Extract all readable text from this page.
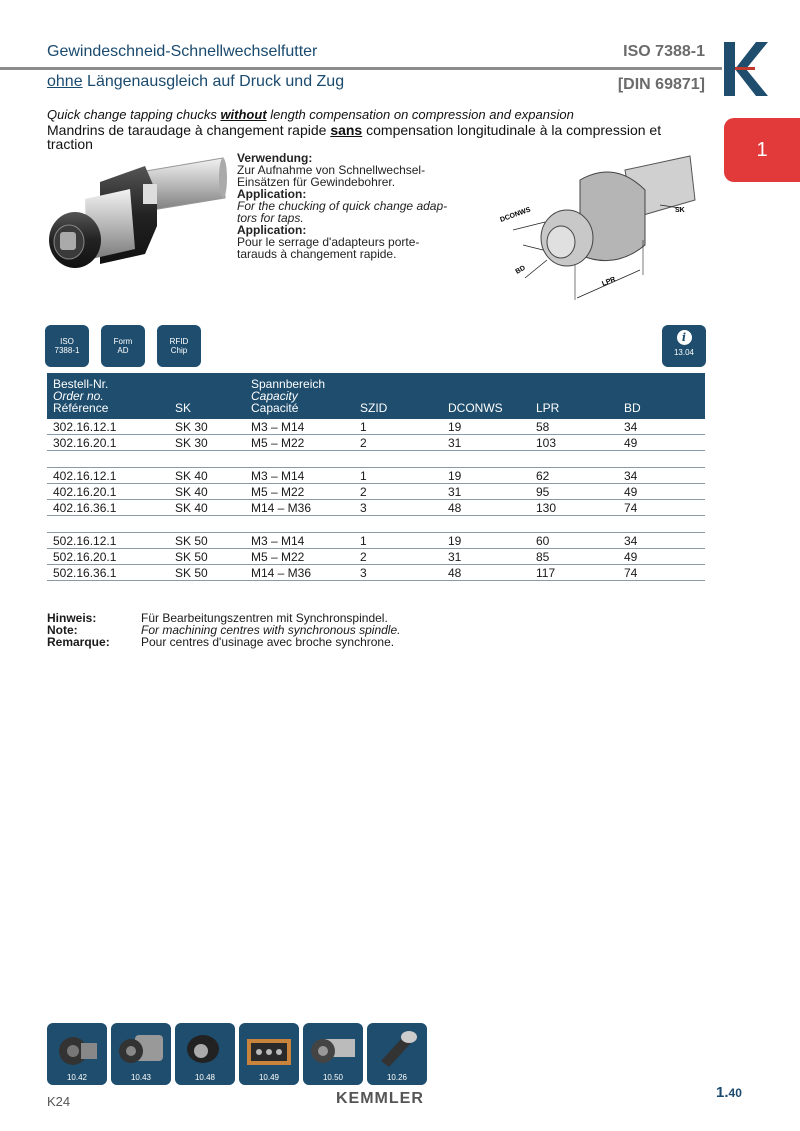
Gewindeschneid-Schnellwechselfutter	ISO 7388-1
ohne Längenausgleich auf Druck und Zug	[DIN 69871]
K
1
Quick change tapping chucks without length compensation on compression and expansion
Mandrins de taraudage à changement rapide sans compensation longitudinale à la compression et traction
Verwendung:
Zur Aufnahme von Schnellwechsel-
Einsätzen für Gewindebohrer.
Application:
For the chucking of quick change adap-
tors for taps.
Application:
Pour le serrage d'adapteurs porte-
tarauds à changement rapide.
DCONWS
BD
LPR
SK
ISO
7388-1
Form
AD
RFID
Chip
i
13.04
Bestell-Nr.
Order no.
Référence	SK
Spannbereich
Capacity
Capacité	SZID	DCONWS	LPR	BD
302.16.12.1	SK 30	M3 – M14	1	19	58	34
302.16.20.1	SK 30	M5 – M22	2	31	103	49
402.16.12.1	SK 40	M3 – M14	1	19	62	34
402.16.20.1	SK 40	M5 – M22	2	31	95	49
402.16.36.1	SK 40	M14 – M36	3	48	130	74
502.16.12.1	SK 50	M3 – M14	1	19	60	34
502.16.20.1	SK 50	M5 – M22	2	31	85	49
502.16.36.1	SK 50	M14 – M36	3	48	117	74
Hinweis:	Für Bearbeitungszentren mit Synchronspindel.
Note:	For machining centres with synchronous spindle.
Remarque:	Pour centres d'usinage avec broche synchrone.
10.42	10.43	10.48	10.49	10.50	10.26
K24	KEMMLER	1.40
